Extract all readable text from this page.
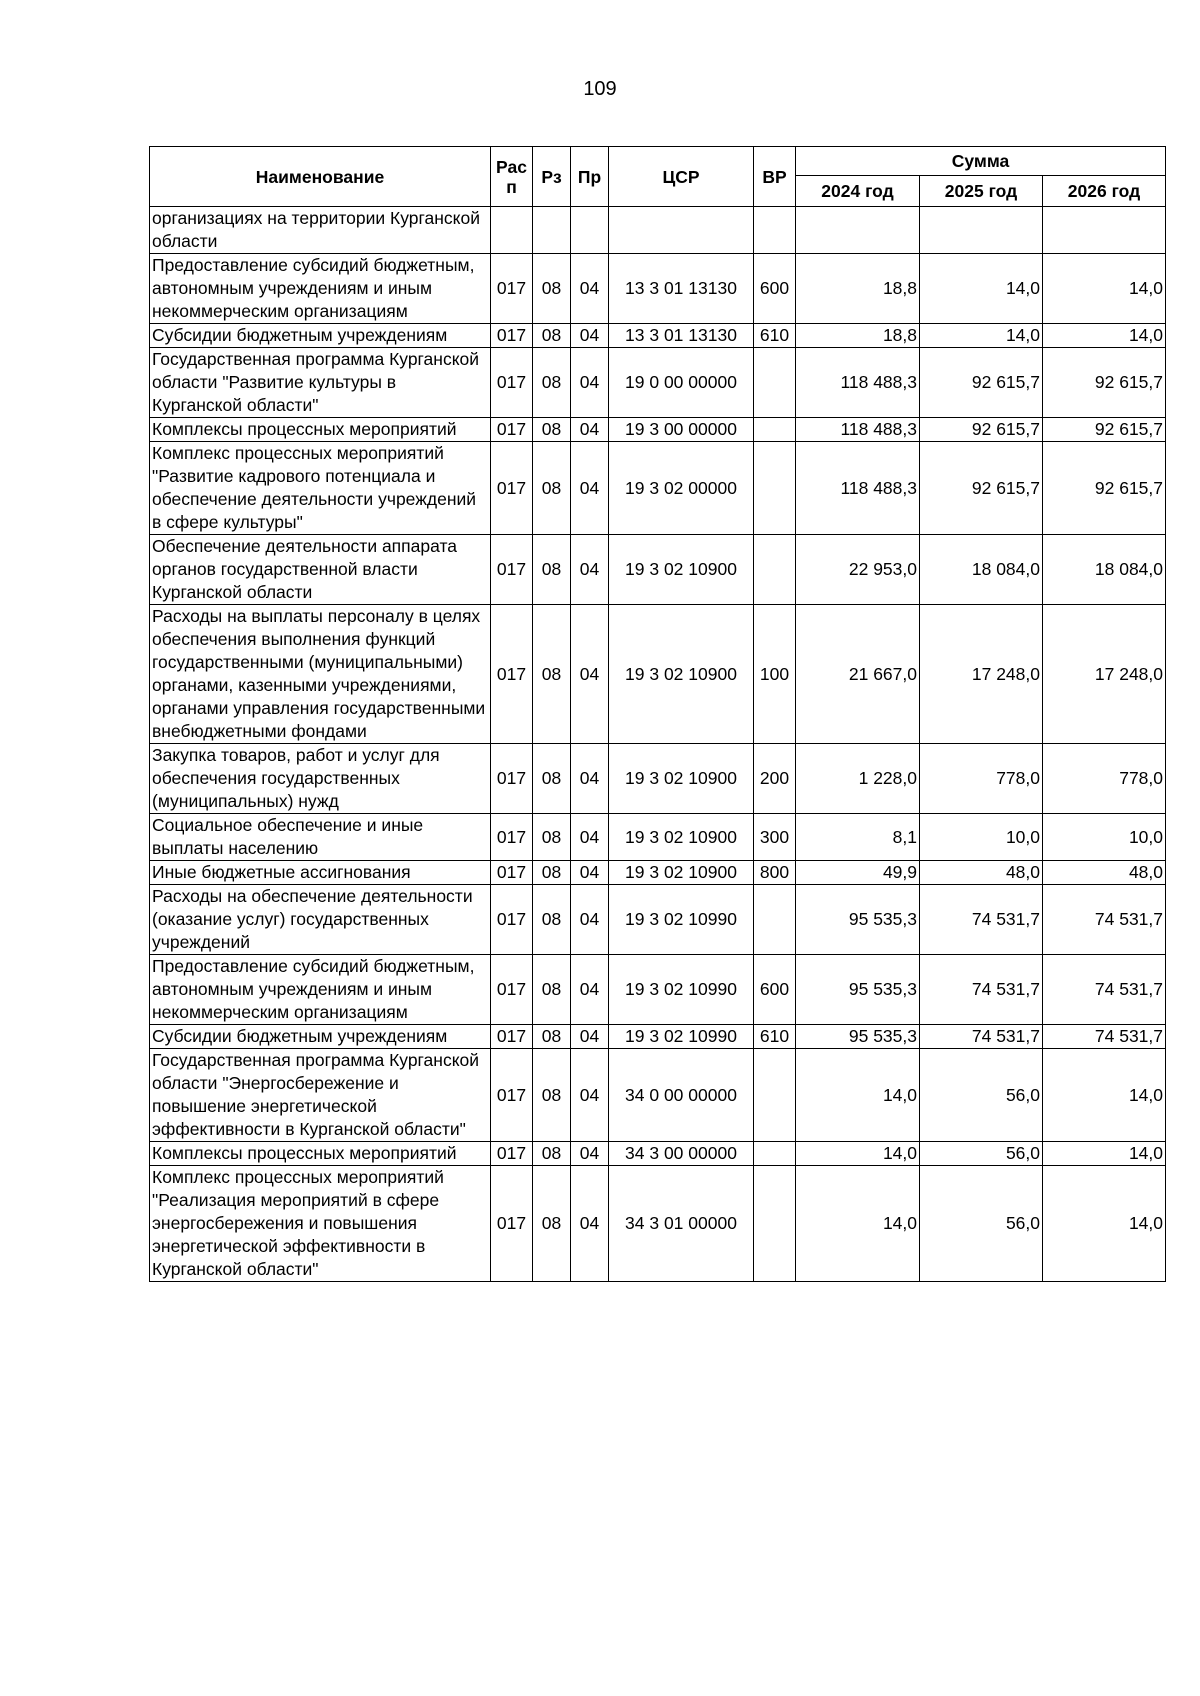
109
Наименование	Рас п	Рз	Пр	ЦСР	ВР	Сумма		
						2024 год	2025 год	2026 год
организациях на территории Курганской области								
Предоставление субсидий бюджетным, автономным учреждениям и иным некоммерческим организациям	017	08	04	13 3 01 13130	600	18,8	14,0	14,0
Субсидии бюджетным учреждениям	017	08	04	13 3 01 13130	610	18,8	14,0	14,0
Государственная программа Курганской области "Развитие культуры в Курганской области"	017	08	04	19 0 00 00000		118 488,3	92 615,7	92 615,7
Комплексы процессных мероприятий	017	08	04	19 3 00 00000		118 488,3	92 615,7	92 615,7
Комплекс процессных мероприятий "Развитие кадрового потенциала и обеспечение деятельности учреждений в сфере культуры"	017	08	04	19 3 02 00000		118 488,3	92 615,7	92 615,7
Обеспечение деятельности аппарата органов государственной власти Курганской области	017	08	04	19 3 02 10900		22 953,0	18 084,0	18 084,0
Расходы на выплаты персоналу в целях обеспечения выполнения функций государственными (муниципальными) органами, казенными учреждениями, органами управления государственными внебюджетными фондами	017	08	04	19 3 02 10900	100	21 667,0	17 248,0	17 248,0
Закупка товаров, работ и услуг для обеспечения государственных (муниципальных) нужд	017	08	04	19 3 02 10900	200	1 228,0	778,0	778,0
Социальное обеспечение и иные выплаты населению	017	08	04	19 3 02 10900	300	8,1	10,0	10,0
Иные бюджетные ассигнования	017	08	04	19 3 02 10900	800	49,9	48,0	48,0
Расходы на обеспечение деятельности (оказание услуг) государственных учреждений	017	08	04	19 3 02 10990		95 535,3	74 531,7	74 531,7
Предоставление субсидий бюджетным, автономным учреждениям и иным некоммерческим организациям	017	08	04	19 3 02 10990	600	95 535,3	74 531,7	74 531,7
Субсидии бюджетным учреждениям	017	08	04	19 3 02 10990	610	95 535,3	74 531,7	74 531,7
Государственная программа Курганской области "Энергосбережение и повышение энергетической эффективности в Курганской области"	017	08	04	34 0 00 00000		14,0	56,0	14,0
Комплексы процессных мероприятий	017	08	04	34 3 00 00000		14,0	56,0	14,0
Комплекс процессных мероприятий "Реализация мероприятий в сфере энергосбережения и повышения энергетической эффективности в Курганской области"	017	08	04	34 3 01 00000		14,0	56,0	14,0
